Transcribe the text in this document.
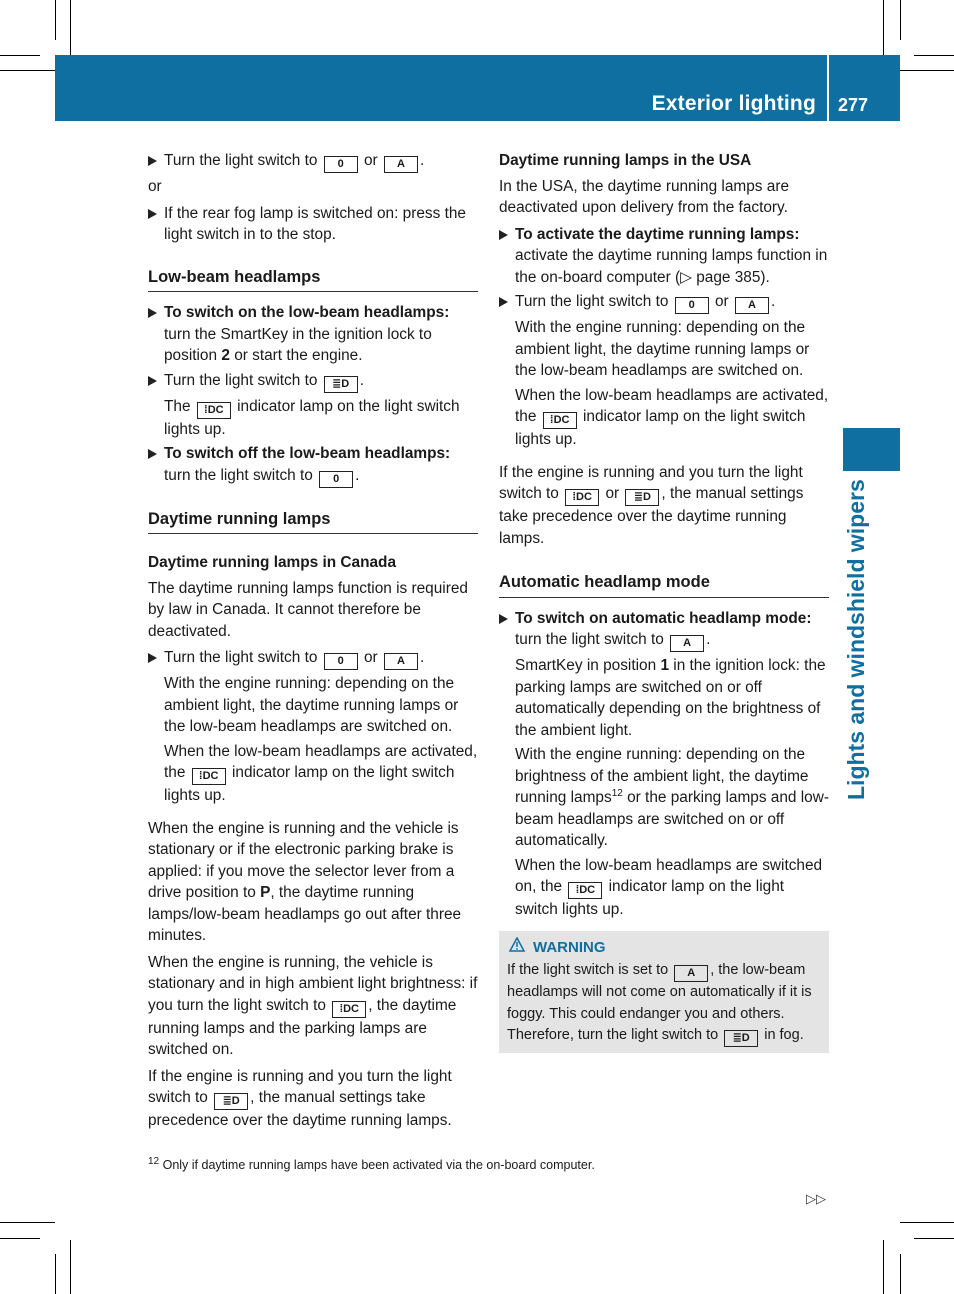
Exterior lighting 277
Lights and windshield wipers
Turn the light switch to 0 or A .
or
If the rear fog lamp is switched on: press the light switch in to the stop.
Low-beam headlamps
To switch on the low-beam headlamps: turn the SmartKey in the ignition lock to position 2 or start the engine.
Turn the light switch to ≣D .
The ⁞DC indicator lamp on the light switch lights up.
To switch off the low-beam headlamps: turn the light switch to 0 .
Daytime running lamps
Daytime running lamps in Canada
The daytime running lamps function is required by law in Canada. It cannot therefore be deactivated.
Turn the light switch to 0 or A .
With the engine running: depending on the ambient light, the daytime running lamps or the low-beam headlamps are switched on.
When the low-beam headlamps are activated, the ⁞DC indicator lamp on the light switch lights up.
When the engine is running and the vehicle is stationary or if the electronic parking brake is applied: if you move the selector lever from a drive position to P, the daytime running lamps/low-beam headlamps go out after three minutes.
When the engine is running, the vehicle is stationary and in high ambient light brightness: if you turn the light switch to ⁞DC , the daytime running lamps and the parking lamps are switched on.
If the engine is running and you turn the light switch to ≣D , the manual settings take precedence over the daytime running lamps.
Daytime running lamps in the USA
In the USA, the daytime running lamps are deactivated upon delivery from the factory.
To activate the daytime running lamps: activate the daytime running lamps function in the on-board computer (▷ page 385).
Turn the light switch to 0 or A .
With the engine running: depending on the ambient light, the daytime running lamps or the low-beam headlamps are switched on.
When the low-beam headlamps are activated, the ⁞DC indicator lamp on the light switch lights up.
If the engine is running and you turn the light switch to ⁞DC or ≣D , the manual settings take precedence over the daytime running lamps.
Automatic headlamp mode
To switch on automatic headlamp mode: turn the light switch to A .
SmartKey in position 1 in the ignition lock: the parking lamps are switched on or off automatically depending on the brightness of the ambient light.
With the engine running: depending on the brightness of the ambient light, the daytime running lamps$^{12}$ or the parking lamps and low-beam headlamps are switched on or off automatically.
When the low-beam headlamps are switched on, the ⁞DC indicator lamp on the light switch lights up.
WARNING
If the light switch is set to A , the low-beam headlamps will not come on automatically if it is foggy. This could endanger you and others. Therefore, turn the light switch to ≣D in fog.
$^{12}$ Only if daytime running lamps have been activated via the on-board computer.
▷▷
